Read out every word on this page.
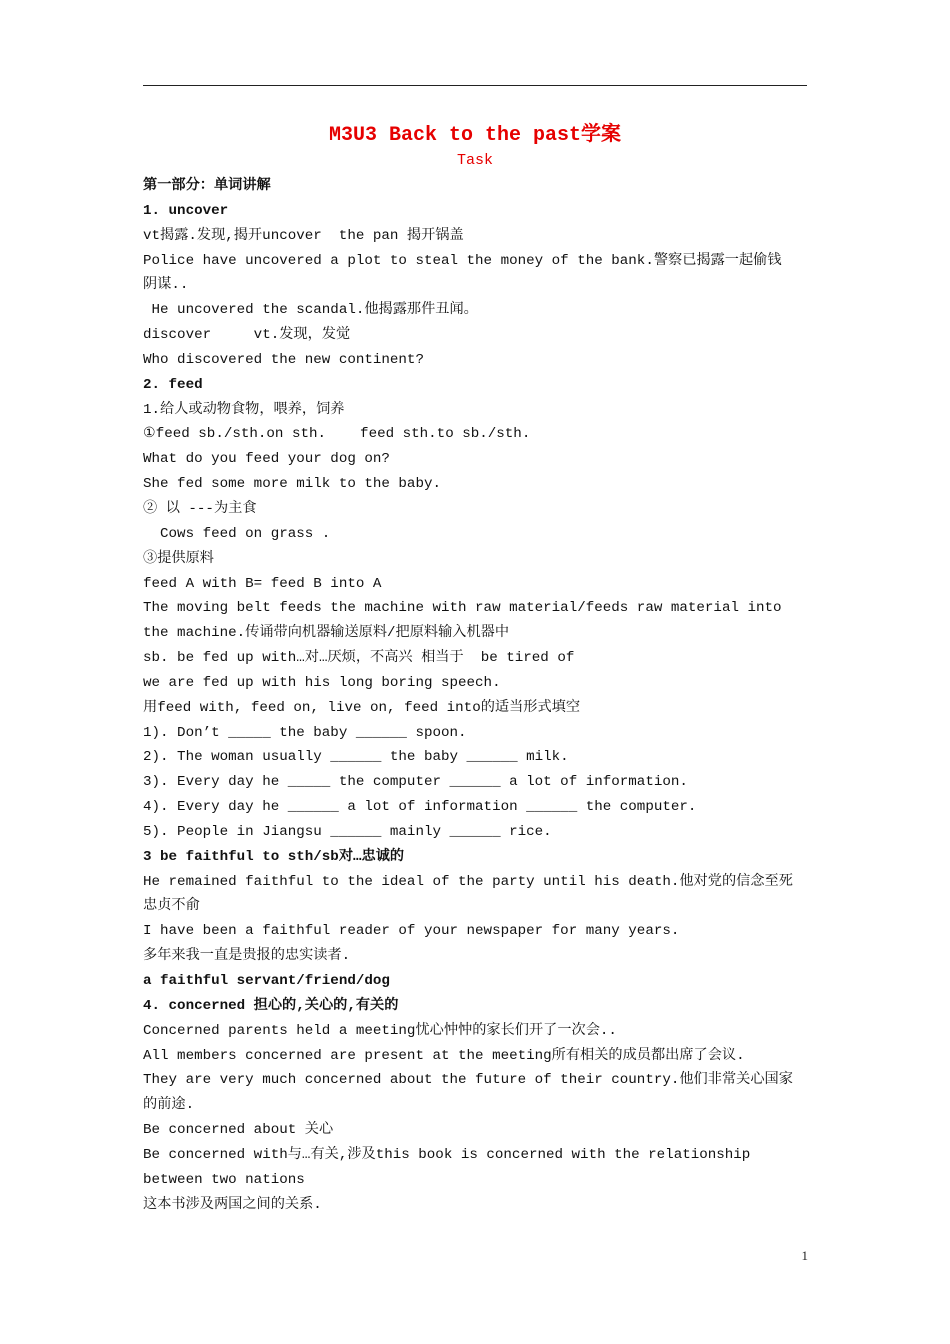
M3U3 Back to the past学案
Task
第一部分：单词讲解
1. uncover
vt揭露.发现,揭开uncover  the pan 揭开锅盖
Police have uncovered a plot to steal the money of the bank.警察已揭露一起偷钱
阴谋..
He uncovered the scandal.他揭露那件丑闻。
discover     vt.发现，发觉
Who discovered the new continent?
2. feed
1.给人或动物食物，喂养，饲养
①feed sb./sth.on sth.    feed sth.to sb./sth.
What do you feed your dog on?
She fed some more milk to the baby.
② 以 ---为主食
Cows feed on grass .
③提供原料
feed A with B= feed B into A
The moving belt feeds the machine with raw material/feeds raw material into
the machine.传诵带向机器输送原料/把原料输入机器中
sb. be fed up with…对…厌烦，不高兴 相当于  be tired of
we are fed up with his long boring speech.
用feed with, feed on, live on, feed into的适当形式填空
1). Don’t _____ the baby ______ spoon.
2). The woman usually ______ the baby ______ milk.
3). Every day he _____ the computer ______ a lot of information.
4). Every day he ______ a lot of information ______ the computer.
5). People in Jiangsu ______ mainly ______ rice.
3 be faithful to sth/sb对…忠诚的
He remained faithful to the ideal of the party until his death.他对党的信念至死
忠贞不俞
I have been a faithful reader of your newspaper for many years.
多年来我一直是贵报的忠实读者.
a faithful servant/friend/dog
4. concerned 担心的,关心的,有关的
Concerned parents held a meeting忧心忡忡的家长们开了一次会..
All members concerned are present at the meeting所有相关的成员都出席了会议.
They are very much concerned about the future of their country.他们非常关心国家
的前途.
Be concerned about 关心
Be concerned with与…有关,涉及this book is concerned with the relationship
between two nations
这本书涉及两国之间的关系.
1
